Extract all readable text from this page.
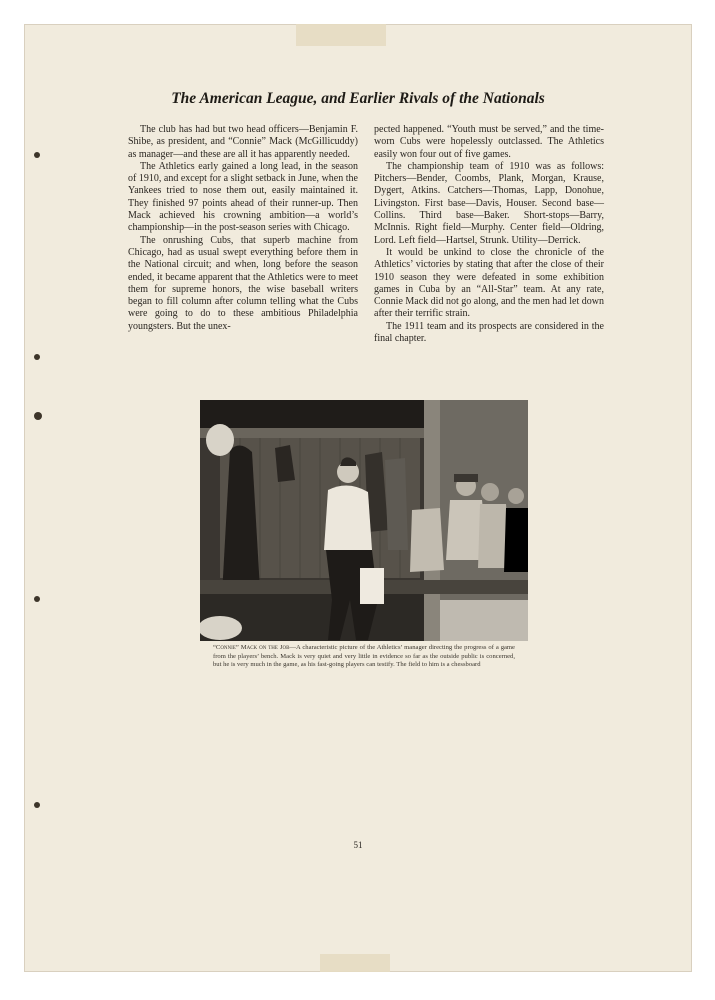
The American League, and Earlier Rivals of the Nationals

The club has had but two head officers—Benjamin F. Shibe, as president, and “Connie” Mack (McGillicuddy) as manager—and these are all it has apparently needed.

The Athletics early gained a long lead, in the season of 1910, and except for a slight setback in June, when the Yankees tried to nose them out, easily maintained it. They finished 97 points ahead of their runner-up. Then Mack achieved his crowning ambition—a world’s championship—in the post-season series with Chicago.

The onrushing Cubs, that superb machine from Chicago, had as usual swept everything before them in the National circuit; and when, long before the season ended, it became apparent that the Athletics were to meet them for supreme honors, the wise baseball writers began to fill column after column telling what the Cubs were going to do to these ambitious Philadelphia youngsters. But the unex-

pected happened. “Youth must be served,” and the time-worn Cubs were hopelessly outclassed. The Athletics easily won four out of five games.

The championship team of 1910 was as follows: Pitchers—Bender, Coombs, Plank, Morgan, Krause, Dygert, Atkins. Catchers—Thomas, Lapp, Donohue, Livingston. First base—Davis, Houser. Second base—Collins. Third base—Baker. Short-stops—Barry, McInnis. Right field—Murphy. Center field—Oldring, Lord. Left field—Hartsel, Strunk. Utility—Derrick.

It would be unkind to close the chronicle of the Athletics’ victories by stating that after the close of their 1910 season they were defeated in some exhibition games in Cuba by an “All-Star” team. At any rate, Connie Mack did not go along, and the men had let down after their terrific strain.

The 1911 team and its prospects are considered in the final chapter.

“Connie” Mack on the Job—A characteristic picture of the Athletics’ manager directing the progress of a game from the players’ bench. Mack is very quiet and very little in evidence so far as the outside public is concerned, but he is very much in the game, as his fast-going players can testify. The field to him is a chessboard
51
